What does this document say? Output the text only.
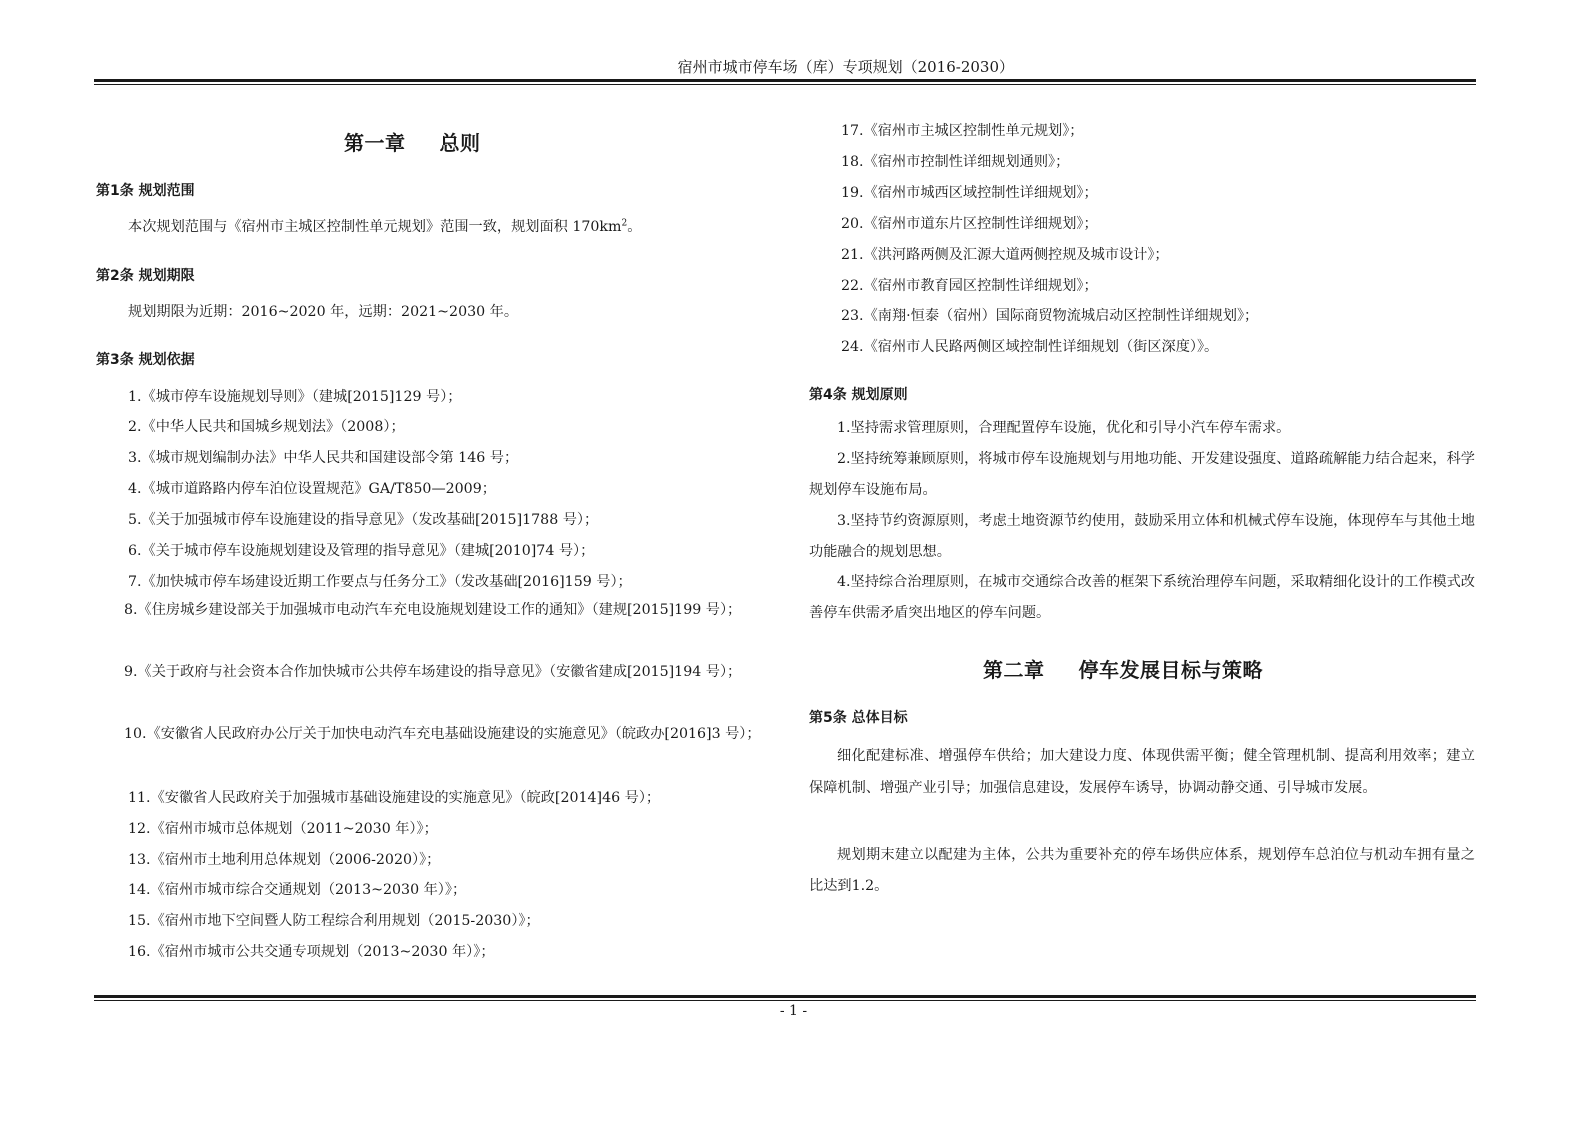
宿州市城市停车场（库）专项规划（2016-2030）
第一章 总则
第1条 规划范围
本次规划范围与《宿州市主城区控制性单元规划》范围一致，规划面积 $170km^2$。
第2条 规划期限
规划期限为近期：2016~2020 年，远期：2021~2030 年。
第3条 规划依据
1.《城市停车设施规划导则》（建城[2015]129 号）；
2.《中华人民共和国城乡规划法》（2008）；
3.《城市规划编制办法》中华人民共和国建设部令第 146 号；
4.《城市道路路内停车泊位设置规范》GA/T850—2009；
5.《关于加强城市停车设施建设的指导意见》（发改基础[2015]1788 号）；
6.《关于城市停车设施规划建设及管理的指导意见》（建城[2010]74 号）；
7.《加快城市停车场建设近期工作要点与任务分工》（发改基础[2016]159 号）；
8.《住房城乡建设部关于加强城市电动汽车充电设施规划建设工作的通知》（建规[2015]199 号）；
9.《关于政府与社会资本合作加快城市公共停车场建设的指导意见》（安徽省建成[2015]194 号）；
10.《安徽省人民政府办公厅关于加快电动汽车充电基础设施建设的实施意见》（皖政办[2016]3 号）；
11.《安徽省人民政府关于加强城市基础设施建设的实施意见》（皖政[2014]46 号）；
12.《宿州市城市总体规划（2011~2030 年）》；
13.《宿州市土地利用总体规划（2006-2020）》；
14.《宿州市城市综合交通规划（2013~2030 年）》；
15.《宿州市地下空间暨人防工程综合利用规划（2015-2030）》；
16.《宿州市城市公共交通专项规划（2013~2030 年）》；
17.《宿州市主城区控制性单元规划》；
18.《宿州市控制性详细规划通则》；
19.《宿州市城西区域控制性详细规划》；
20.《宿州市道东片区控制性详细规划》；
21.《洪河路两侧及汇源大道两侧控规及城市设计》；
22.《宿州市教育园区控制性详细规划》；
23.《南翔·恒泰（宿州）国际商贸物流城启动区控制性详细规划》；
24.《宿州市人民路两侧区域控制性详细规划（街区深度）》。
第4条 规划原则
1.坚持需求管理原则，合理配置停车设施，优化和引导小汽车停车需求。
2.坚持统筹兼顾原则，将城市停车设施规划与用地功能、开发建设强度、道路疏解能力结合起来，科学规划停车设施布局。
3.坚持节约资源原则，考虑土地资源节约使用，鼓励采用立体和机械式停车设施，体现停车与其他土地功能融合的规划思想。
4.坚持综合治理原则，在城市交通综合改善的框架下系统治理停车问题，采取精细化设计的工作模式改善停车供需矛盾突出地区的停车问题。
第二章 停车发展目标与策略
第5条 总体目标
细化配建标准、增强停车供给；加大建设力度、体现供需平衡；健全管理机制、提高利用效率；建立保障机制、增强产业引导；加强信息建设，发展停车诱导，协调动静交通、引导城市发展。
规划期末建立以配建为主体，公共为重要补充的停车场供应体系，规划停车总泊位与机动车拥有量之比达到1.2。
- 1 -
